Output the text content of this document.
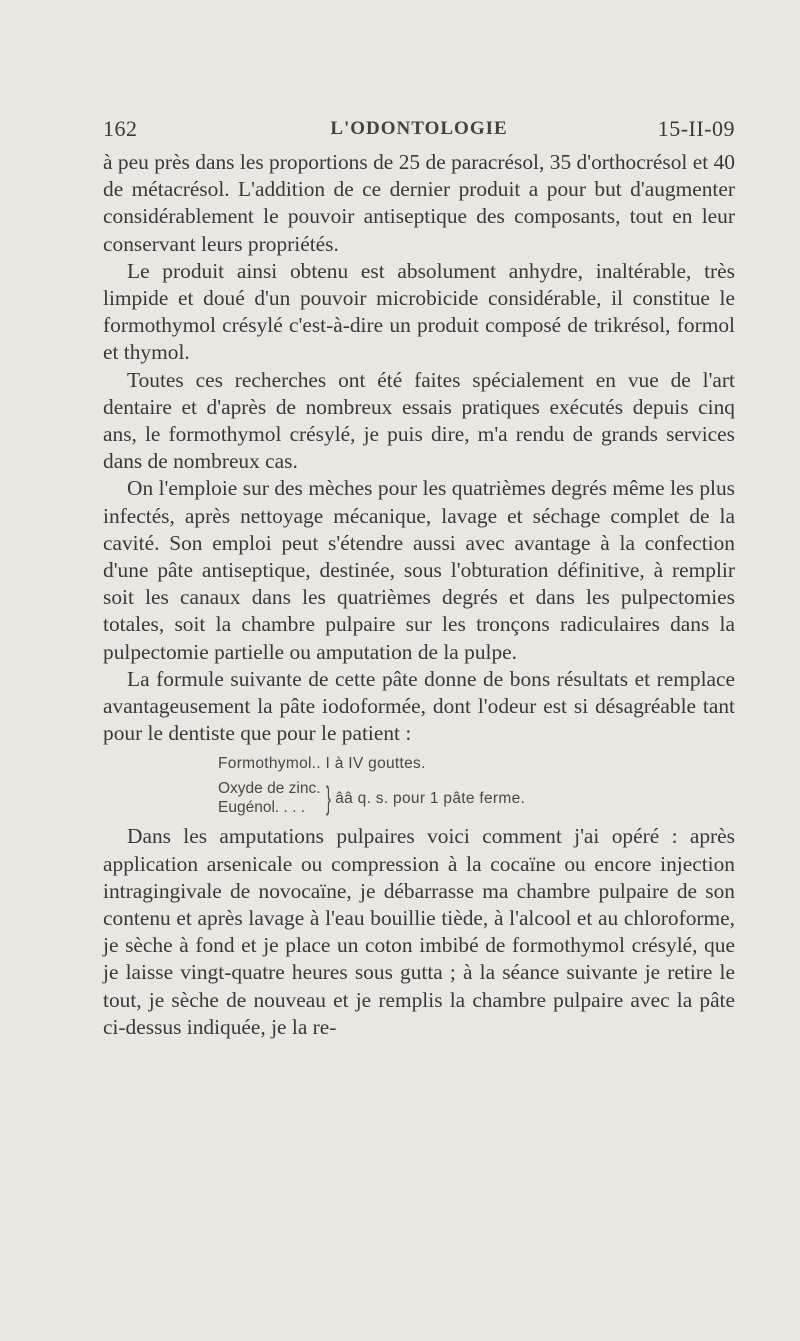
162	L'ODONTOLOGIE	15-II-09

à peu près dans les proportions de 25 de paracrésol, 35 d'orthocrésol et 40 de métacrésol. L'addition de ce dernier produit a pour but d'augmenter considérablement le pouvoir antiseptique des composants, tout en leur conservant leurs propriétés.

Le produit ainsi obtenu est absolument anhydre, inaltérable, très limpide et doué d'un pouvoir microbicide considérable, il constitue le formothymol crésylé c'est-à-dire un produit composé de trikrésol, formol et thymol.

Toutes ces recherches ont été faites spécialement en vue de l'art dentaire et d'après de nombreux essais pratiques exécutés depuis cinq ans, le formothymol crésylé, je puis dire, m'a rendu de grands services dans de nombreux cas.

On l'emploie sur des mèches pour les quatrièmes degrés même les plus infectés, après nettoyage mécanique, lavage et séchage complet de la cavité. Son emploi peut s'étendre aussi avec avantage à la confection d'une pâte antiseptique, destinée, sous l'obturation définitive, à remplir soit les canaux dans les quatrièmes degrés et dans les pulpectomies totales, soit la chambre pulpaire sur les tronçons radiculaires dans la pulpectomie partielle ou amputation de la pulpe.

La formule suivante de cette pâte donne de bons résultats et remplace avantageusement la pâte iodoformée, dont l'odeur est si désagréable tant pour le dentiste que pour le patient :

Formothymol.. I à IV gouttes.
Oxyde de zinc.
Eugénol. . . . } ââ q. s. pour 1 pâte ferme.

Dans les amputations pulpaires voici comment j'ai opéré : après application arsenicale ou compression à la cocaïne ou encore injection intragingivale de novocaïne, je débarrasse ma chambre pulpaire de son contenu et après lavage à l'eau bouillie tiède, à l'alcool et au chloroforme, je sèche à fond et je place un coton imbibé de formothymol crésylé, que je laisse vingt-quatre heures sous gutta ; à la séance suivante je retire le tout, je sèche de nouveau et je remplis la chambre pulpaire avec la pâte ci-dessus indiquée, je la re-
